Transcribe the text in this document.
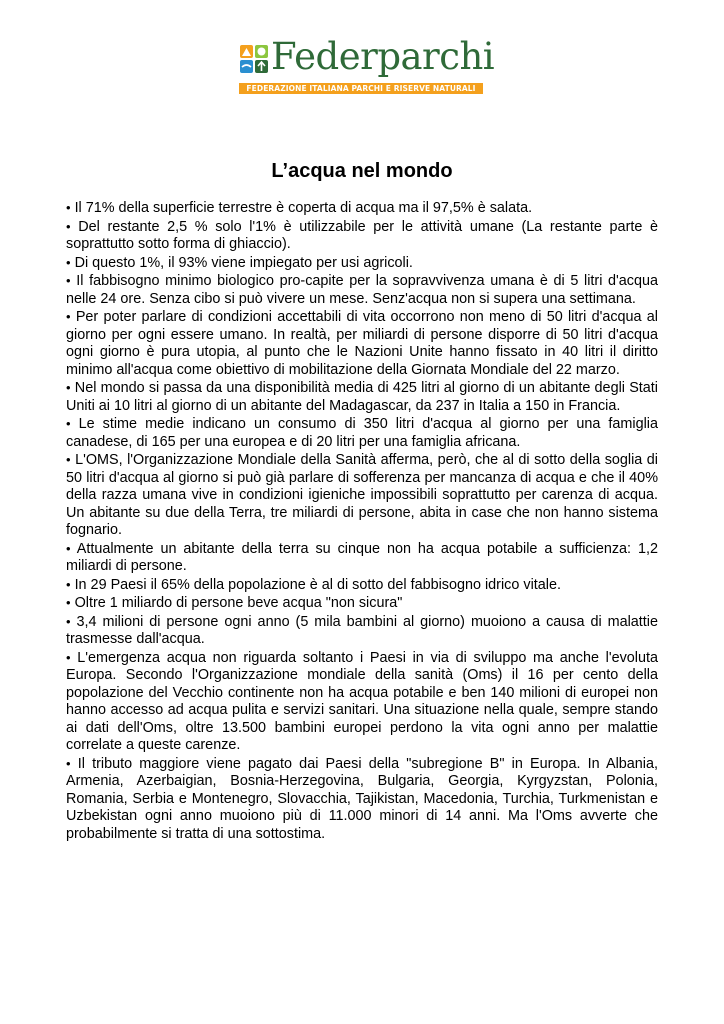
Federparchi
FEDERAZIONE ITALIANA PARCHI E RISERVE NATURALI
L’acqua nel mondo
• Il 71% della superficie terrestre è coperta di acqua ma il 97,5% è salata.
• Del restante 2,5 % solo l'1% è utilizzabile per le attività umane (La restante parte è soprattutto sotto forma di ghiaccio).
• Di questo 1%, il 93% viene impiegato per usi agricoli.
• Il fabbisogno minimo biologico pro-capite per la sopravvivenza umana è di 5 litri d'acqua nelle 24 ore. Senza cibo si può vivere un mese. Senz'acqua non si supera una settimana.
• Per poter parlare di condizioni accettabili di vita occorrono non meno di 50 litri d'acqua al giorno per ogni essere umano. In realtà, per miliardi di persone disporre di 50 litri d'acqua ogni giorno è pura utopia, al punto che le Nazioni Unite hanno fissato in 40 litri il diritto minimo all'acqua come obiettivo di mobilitazione della Giornata Mondiale del 22 marzo.
• Nel mondo si passa da una disponibilità media di 425 litri al giorno di un abitante degli Stati Uniti ai 10 litri al giorno di un abitante del Madagascar, da 237 in Italia a 150 in Francia.
• Le stime medie indicano un consumo di 350 litri d'acqua al giorno per una famiglia canadese, di 165 per una europea e di 20 litri per una famiglia africana.
• L'OMS, l'Organizzazione Mondiale della Sanità afferma, però, che al di sotto della soglia di 50 litri d'acqua al giorno si può già parlare di sofferenza per mancanza di acqua e che il 40% della razza umana vive in condizioni igieniche impossibili soprattutto per carenza di acqua. Un abitante su due della Terra, tre miliardi di persone, abita in case che non hanno sistema fognario.
• Attualmente un abitante della terra su cinque non ha acqua potabile a sufficienza: 1,2 miliardi di persone.
• In 29 Paesi il 65% della popolazione è al di sotto del fabbisogno idrico vitale.
• Oltre 1 miliardo di persone beve acqua "non sicura"
• 3,4 milioni di persone ogni anno (5 mila bambini al giorno) muoiono a causa di malattie trasmesse dall'acqua.
• L'emergenza acqua non riguarda soltanto i Paesi in via di sviluppo ma anche l'evoluta Europa. Secondo l'Organizzazione mondiale della sanità (Oms) il 16 per cento della popolazione del Vecchio continente non ha acqua potabile e ben 140 milioni di europei non hanno accesso ad acqua pulita e servizi sanitari. Una situazione nella quale, sempre stando ai dati dell'Oms, oltre 13.500 bambini europei perdono la vita ogni anno per malattie correlate a queste carenze.
• Il tributo maggiore viene pagato dai Paesi della "subregione B" in Europa. In Albania, Armenia, Azerbaigian, Bosnia-Herzegovina, Bulgaria, Georgia, Kyrgyzstan, Polonia, Romania, Serbia e Montenegro, Slovacchia, Tajikistan, Macedonia, Turchia, Turkmenistan e Uzbekistan ogni anno muoiono più di 11.000 minori di 14 anni. Ma l'Oms avverte che probabilmente si tratta di una sottostima.
